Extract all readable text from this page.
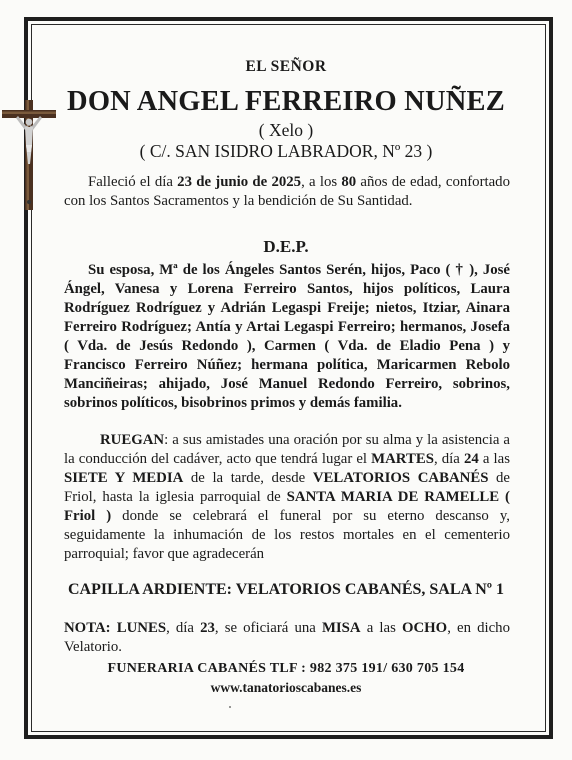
EL SEÑOR

DON ANGEL FERREIRO NUÑEZ

( Xelo )

( C/. SAN ISIDRO LABRADOR, Nº 23 )

Falleció el día 23 de junio de 2025, a los 80 años de edad, confortado con los Santos Sacramentos y la bendición de Su Santidad.

D.E.P.

Su esposa, Mª de los Ángeles Santos Serén, hijos, Paco ( † ), José Ángel, Vanesa y Lorena Ferreiro Santos, hijos políticos, Laura Rodríguez Rodríguez y Adrián Legaspi Freije; nietos, Itziar, Ainara Ferreiro Rodríguez; Antía y Artai Legaspi Ferreiro; hermanos, Josefa ( Vda. de Jesús Redondo ), Carmen ( Vda. de Eladio Pena ) y Francisco Ferreiro Núñez; hermana política, Maricarmen Rebolo Manciñeiras; ahijado, José Manuel Redondo Ferreiro, sobrinos, sobrinos políticos, bisobrinos primos y demás familia.

RUEGAN: a sus amistades una oración por su alma y la asistencia a la conducción del cadáver, acto que tendrá lugar el MARTES, día 24 a las SIETE Y MEDIA de la tarde, desde VELATORIOS CABANÉS de Friol, hasta la iglesia parroquial de SANTA MARIA DE RAMELLE ( Friol ) donde se celebrará el funeral por su eterno descanso y, seguidamente la inhumación de los restos mortales en el cementerio parroquial; favor que agradecerán

CAPILLA ARDIENTE: VELATORIOS CABANÉS, SALA Nº 1

NOTA: LUNES, día 23, se oficiará una MISA a las OCHO, en dicho Velatorio.

FUNERARIA CABANÉS TLF : 982 375 191/ 630 705 154

www.tanatorioscabanes.es
